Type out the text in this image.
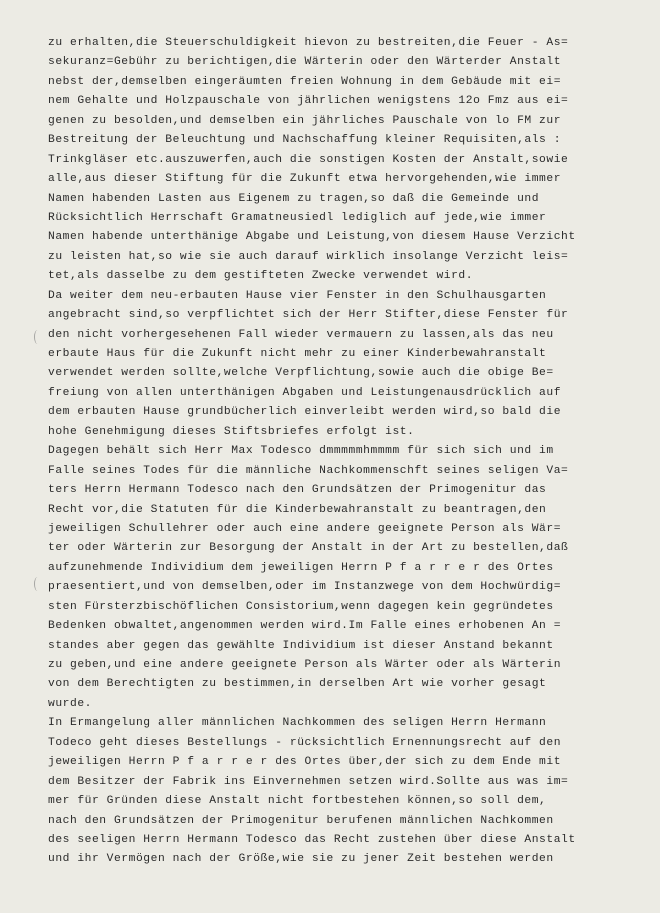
zu erhalten,die Steuerschuldigkeit hievon zu bestreiten,die Feuer - As=
sekuranz=Gebühr zu berichtigen,die Wärterin oder den Wärterder Anstalt
nebst der,demselben eingeräumten freien Wohnung in dem Gebäude mit ei=
nem Gehalte und Holzpauschale von jährlichen wenigstens 12o Fmz aus ei=
genen zu besolden,und demselben ein jährliches Pauschale von lo FM zur
Bestreitung der Beleuchtung und Nachschaffung kleiner Requisiten,als :
Trinkgläser etc.auszuwerfen,auch die sonstigen Kosten der Anstalt,sowie
alle,aus dieser Stiftung für die Zukunft etwa hervorgehenden,wie immer
Namen habenden Lasten aus Eigenem zu tragen,so daß die Gemeinde und
Rücksichtlich Herrschaft Gramatneusiedl lediglich auf jede,wie immer
Namen habende unterthänige Abgabe und Leistung,von diesem Hause Verzicht
zu leisten hat,so wie sie auch darauf wirklich insolange Verzicht leis=
tet,als dasselbe zu dem gestifteten Zwecke verwendet wird.
Da weiter dem neu-erbauten Hause vier Fenster in den Schulhausgarten
angebracht sind,so verpflichtet sich der Herr Stifter,diese Fenster für
den nicht vorhergesehenen Fall wieder vermauern zu lassen,als das neu
erbaute Haus für die Zukunft nicht mehr zu einer Kinderbewahranstalt
verwendet werden sollte,welche Verpflichtung,sowie auch die obige Be=
freiung von allen unterthänigen Abgaben und Leistungenausdrücklich auf
dem erbauten Hause grundbücherlich einverleibt werden wird,so bald die
hohe Genehmigung dieses Stiftsbriefes erfolgt ist.
Dagegen behält sich Herr Max Todesco dmmmmmhmmmm für sich sich und im
Falle seines Todes für die männliche Nachkommenschft seines seligen Va=
ters Herrn Hermann Todesco nach den Grundsätzen der Primogenitur das
Recht vor,die Statuten für die Kinderbewahranstalt zu beantragen,den
jeweiligen Schullehrer oder auch eine andere geeignete Person als Wär=
ter oder Wärterin zur Besorgung der Anstalt in der Art zu bestellen,daß
aufzunehmende Individium dem jeweiligen Herrn P f a r r e r des Ortes
praesentiert,und von demselben,oder im Instanzwege von dem Hochwürdig=
sten Fürsterzbischöflichen Consistorium,wenn dagegen kein gegründetes
Bedenken obwaltet,angenommen werden wird.Im Falle eines erhobenen An =
standes aber gegen das gewählte Individium ist dieser Anstand bekannt
zu geben,und eine andere geeignete Person als Wärter oder als Wärterin
von dem Berechtigten zu bestimmen,in derselben Art wie vorher gesagt
wurde.
In Ermangelung aller männlichen Nachkommen des seligen Herrn Hermann
Todeco geht dieses Bestellungs - rücksichtlich Ernennungsrecht auf den
jeweiligen Herrn P f a r r e r des Ortes über,der sich zu dem Ende mit
dem Besitzer der Fabrik ins Einvernehmen setzen wird.Sollte aus was im=
mer für Gründen diese Anstalt nicht fortbestehen können,so soll dem,
nach den Grundsätzen der Primogenitur berufenen männlichen Nachkommen
des seeligen Herrn Hermann Todesco das Recht zustehen über diese Anstalt
und ihr Vermögen nach der Größe,wie sie zu jener Zeit bestehen werden
